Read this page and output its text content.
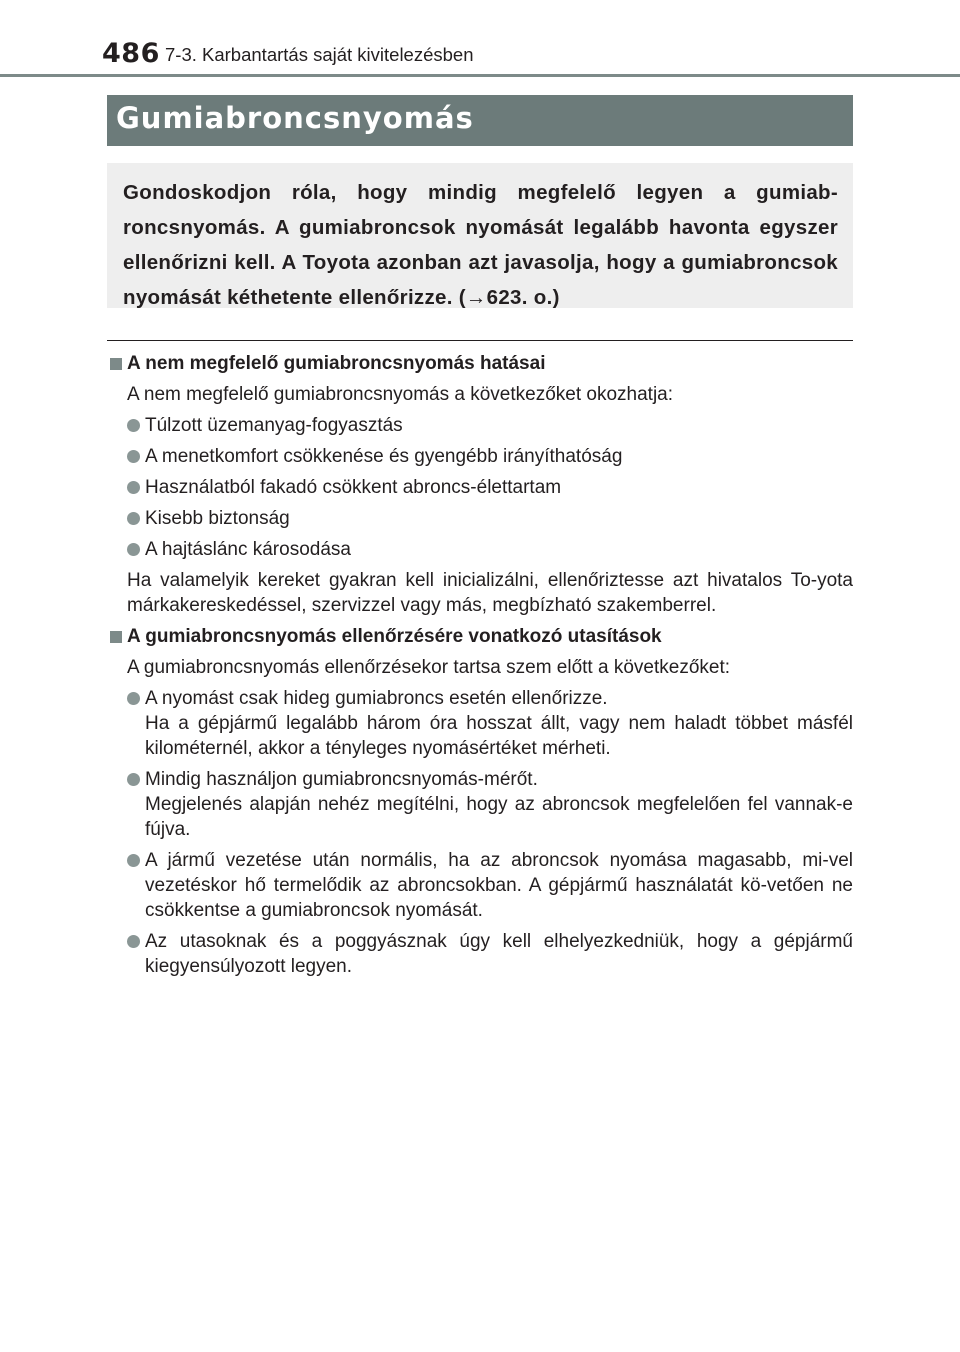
486 7-3. Karbantartás saját kivitelezésben
Gumiabroncsnyomás

Gondoskodjon róla, hogy mindig megfelelő legyen a gumiab-roncsnyomás. A gumiabroncsok nyomását legalább havonta egyszer ellenőrizni kell. A Toyota azonban azt javasolja, hogy a gumiabroncsok nyomását kéthetente ellenőrizze. (→623. o.)

A nem megfelelő gumiabroncsnyomás hatásai
A nem megfelelő gumiabroncsnyomás a következőket okozhatja:
Túlzott üzemanyag-fogyasztás
A menetkomfort csökkenése és gyengébb irányíthatóság
Használatból fakadó csökkent abroncs-élettartam
Kisebb biztonság
A hajtáslánc károsodása
Ha valamelyik kereket gyakran kell inicializálni, ellenőriztesse azt hivatalos To-yota márkakereskedéssel, szervizzel vagy más, megbízható szakemberrel.
A gumiabroncsnyomás ellenőrzésére vonatkozó utasítások
A gumiabroncsnyomás ellenőrzésekor tartsa szem előtt a következőket:
A nyomást csak hideg gumiabroncs esetén ellenőrizze.
Ha a gépjármű legalább három óra hosszat állt, vagy nem haladt többet másfél kilométernél, akkor a tényleges nyomásértéket mérheti.
Mindig használjon gumiabroncsnyomás-mérőt.
Megjelenés alapján nehéz megítélni, hogy az abroncsok megfelelően fel vannak-e fújva.
A jármű vezetése után normális, ha az abroncsok nyomása magasabb, mi-vel vezetéskor hő termelődik az abroncsokban. A gépjármű használatát kö-vetően ne csökkentse a gumiabroncsok nyomását.
Az utasoknak és a poggyásznak úgy kell elhelyezkedniük, hogy a gépjármű kiegyensúlyozott legyen.
